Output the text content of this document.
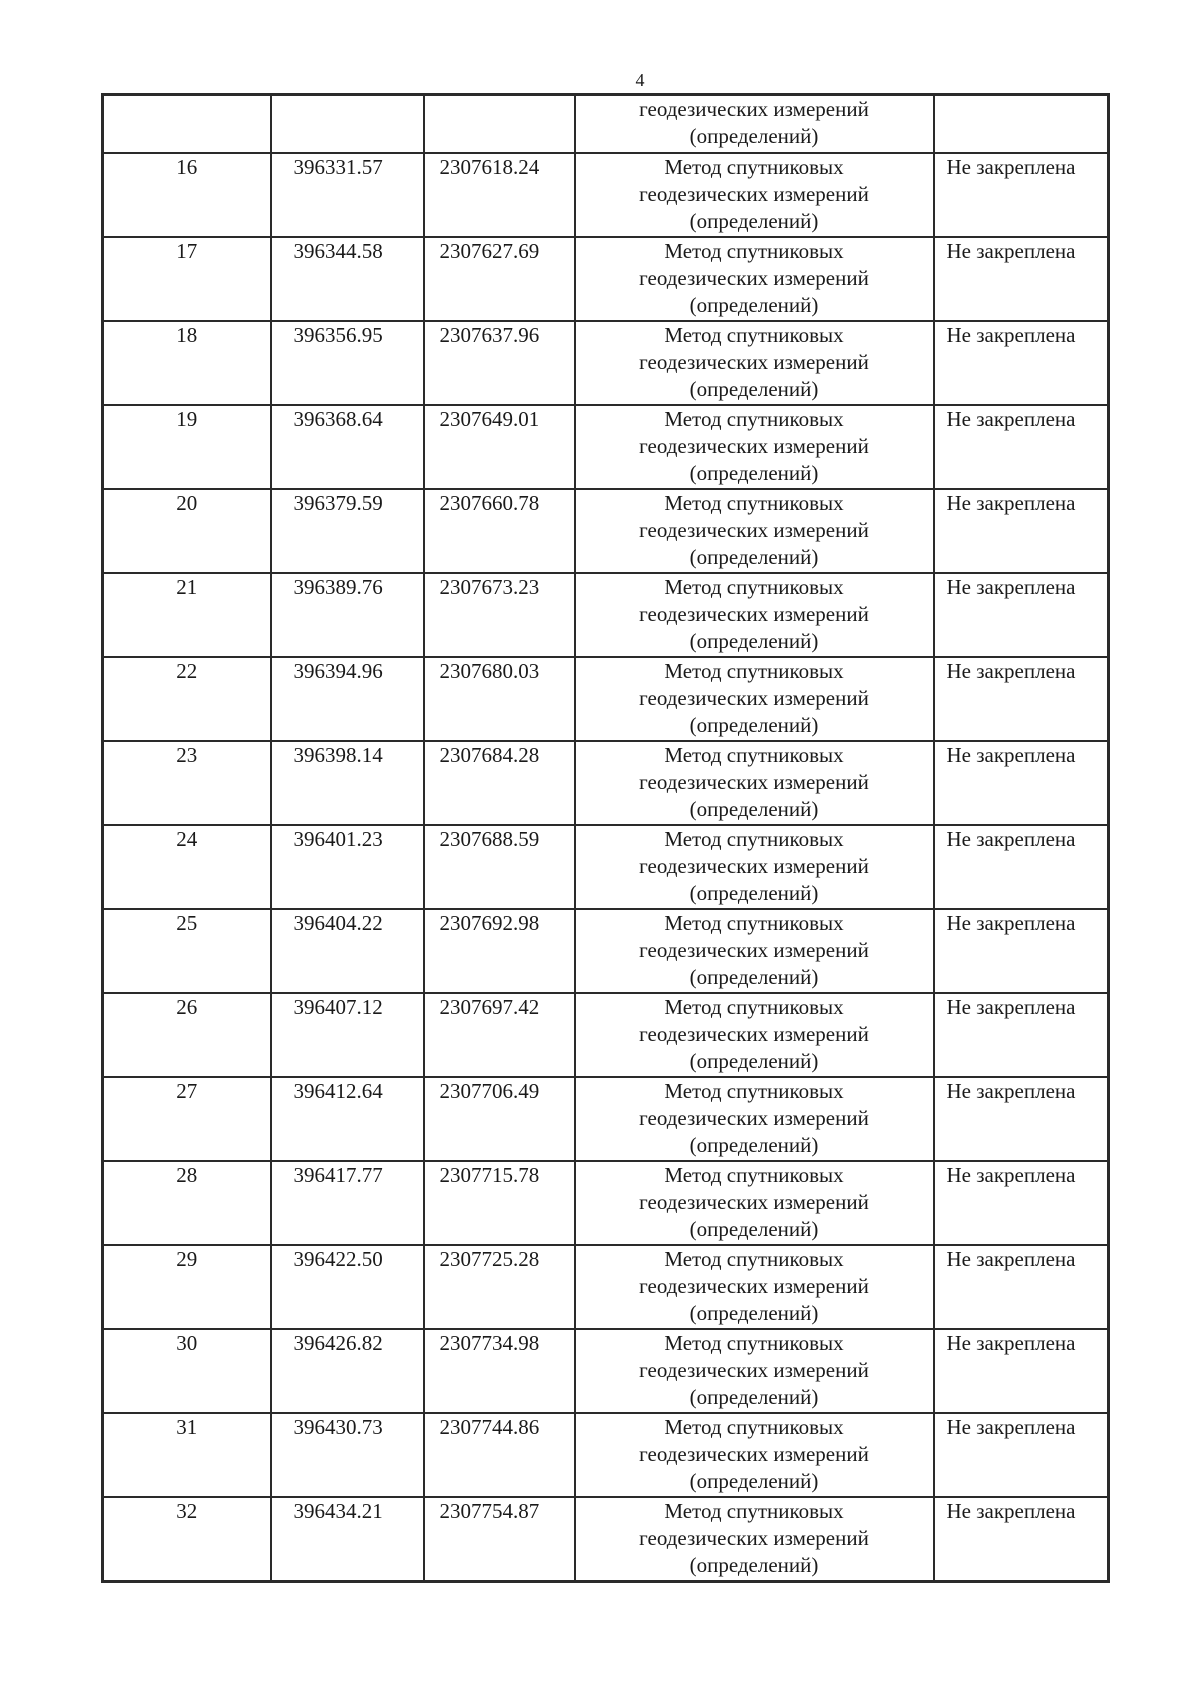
4

			геодезических измерений
(определений)	

16	396331.57	2307618.24	Метод спутниковых
геодезических измерений
(определений)	Не закреплена
17	396344.58	2307627.69	Метод спутниковых
геодезических измерений
(определений)	Не закреплена
18	396356.95	2307637.96	Метод спутниковых
геодезических измерений
(определений)	Не закреплена
19	396368.64	2307649.01	Метод спутниковых
геодезических измерений
(определений)	Не закреплена
20	396379.59	2307660.78	Метод спутниковых
геодезических измерений
(определений)	Не закреплена
21	396389.76	2307673.23	Метод спутниковых
геодезических измерений
(определений)	Не закреплена
22	396394.96	2307680.03	Метод спутниковых
геодезических измерений
(определений)	Не закреплена
23	396398.14	2307684.28	Метод спутниковых
геодезических измерений
(определений)	Не закреплена
24	396401.23	2307688.59	Метод спутниковых
геодезических измерений
(определений)	Не закреплена
25	396404.22	2307692.98	Метод спутниковых
геодезических измерений
(определений)	Не закреплена
26	396407.12	2307697.42	Метод спутниковых
геодезических измерений
(определений)	Не закреплена
27	396412.64	2307706.49	Метод спутниковых
геодезических измерений
(определений)	Не закреплена
28	396417.77	2307715.78	Метод спутниковых
геодезических измерений
(определений)	Не закреплена
29	396422.50	2307725.28	Метод спутниковых
геодезических измерений
(определений)	Не закреплена
30	396426.82	2307734.98	Метод спутниковых
геодезических измерений
(определений)	Не закреплена
31	396430.73	2307744.86	Метод спутниковых
геодезических измерений
(определений)	Не закреплена
32	396434.21	2307754.87	Метод спутниковых
геодезических измерений
(определений)	Не закреплена
